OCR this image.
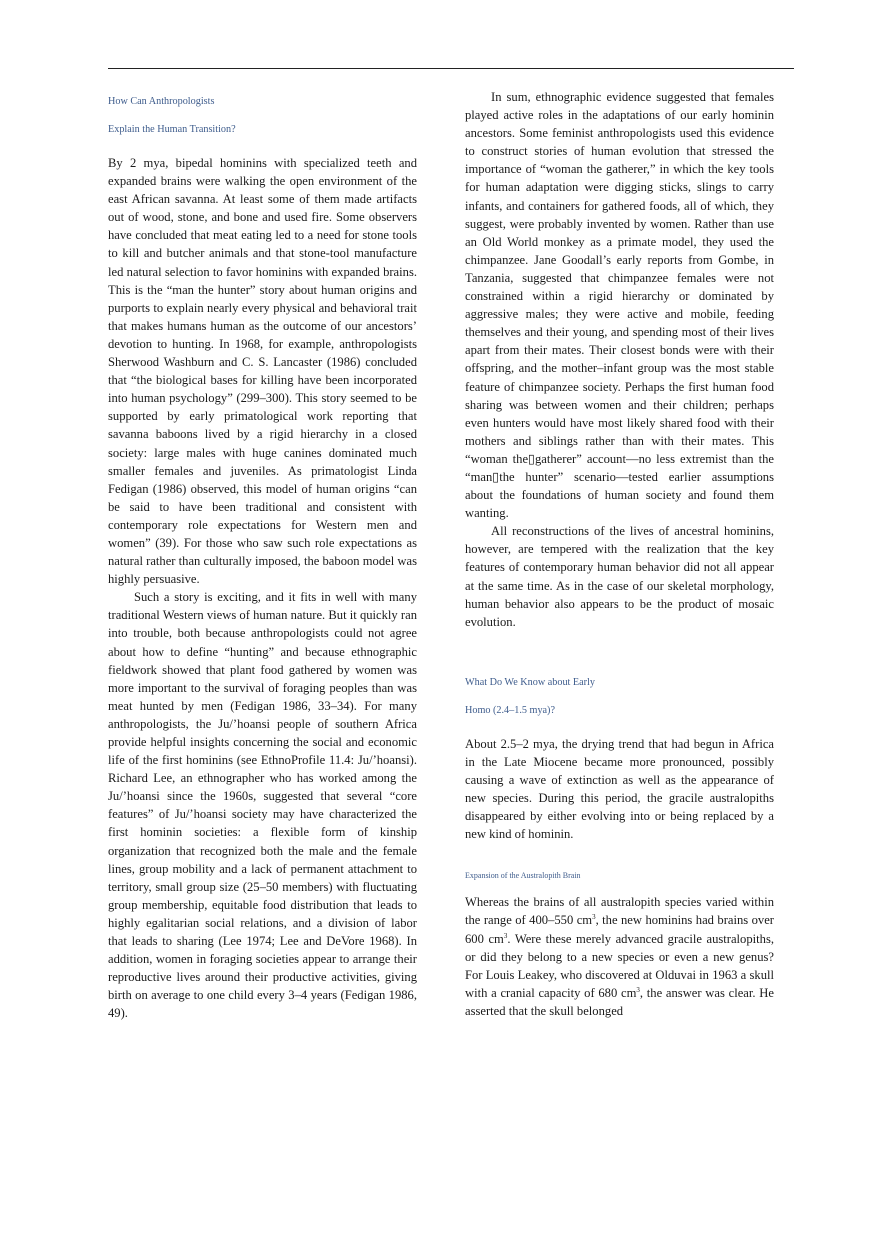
How Can Anthropologists
Explain the Human Transition?

By 2 mya, bipedal hominins with specialized teeth and expanded brains were walking the open environment of the east African savanna. At least some of them made artifacts out of wood, stone, and bone and used fire. Some observers have concluded that meat eating led to a need for stone tools to kill and butcher animals and that stone-tool manufacture led natural selection to favor hominins with expanded brains. This is the “man the hunter” story about human origins and purports to explain nearly every physical and behavioral trait that makes humans human as the outcome of our ancestors’ devotion to hunting. In 1968, for example, anthropologists Sherwood Washburn and C. S. Lancaster (1986) concluded that “the biological bases for killing have been incorporated into human psychology” (299–300). This story seemed to be supported by early primatological work reporting that savanna baboons lived by a rigid hierarchy in a closed society: large males with huge canines dominated much smaller females and juveniles. As primatologist Linda Fedigan (1986) observed, this model of human origins “can be said to have been traditional and consistent with contemporary role expectations for Western men and women” (39). For those who saw such role expectations as natural rather than culturally imposed, the baboon model was highly persuasive.

Such a story is exciting, and it fits in well with many traditional Western views of human nature. But it quickly ran into trouble, both because anthropologists could not agree about how to define “hunting” and because ethnographic fieldwork showed that plant food gathered by women was more important to the survival of foraging peoples than was meat hunted by men (Fedigan 1986, 33–34). For many anthropologists, the Ju/’hoansi people of southern Africa provide helpful insights concerning the social and economic life of the first hominins (see EthnoProfile 11.4: Ju/’hoansi). Richard Lee, an ethnographer who has worked among the Ju/’hoansi since the 1960s, suggested that several “core features” of Ju/’hoansi society may have characterized the first hominin societies: a flexible form of kinship organization that recognized both the male and the female lines, group mobility and a lack of permanent attachment to territory, small group size (25–50 members) with fluctuating group membership, equitable food distribution that leads to highly egalitarian social relations, and a division of labor that leads to sharing (Lee 1974; Lee and DeVore 1968). In addition, women in foraging societies appear to arrange their reproductive lives around their productive activities, giving birth on average to one child every 3–4 years (Fedigan 1986, 49).

In sum, ethnographic evidence suggested that females played active roles in the adaptations of our early hominin ancestors. Some feminist anthropologists used this evidence to construct stories of human evolution that stressed the importance of “woman the gatherer,” in which the key tools for human adaptation were digging sticks, slings to carry infants, and containers for gathered foods, all of which, they suggest, were probably invented by women. Rather than use an Old World monkey as a primate model, they used the chimpanzee. Jane Goodall’s early reports from Gombe, in Tanzania, suggested that chimpanzee females were not constrained within a rigid hierarchy or dominated by aggressive males; they were active and mobile, feeding themselves and their young, and spending most of their lives apart from their mates. Their closest bonds were with their offspring, and the mother–infant group was the most stable feature of chimpanzee society. Perhaps the first human food sharing was between women and their children; perhaps even hunters would have most likely shared food with their mothers and siblings rather than with their mates. This “woman the▯gatherer” account—no less extremist than the “man▯the hunter” scenario—tested earlier assumptions about the foundations of human society and found them wanting.

All reconstructions of the lives of ancestral hominins, however, are tempered with the realization that the key features of contemporary human behavior did not all appear at the same time. As in the case of our skeletal morphology, human behavior also appears to be the product of mosaic evolution.

What Do We Know about Early
Homo (2.4–1.5 mya)?

About 2.5–2 mya, the drying trend that had begun in Africa in the Late Miocene became more pronounced, possibly causing a wave of extinction as well as the appearance of new species. During this period, the gracile australopiths disappeared by either evolving into or being replaced by a new kind of hominin.

Expansion of the Australopith Brain

Whereas the brains of all australopith species varied within the range of 400–550 $cm^3$, the new hominins had brains over 600 $cm^3$. Were these merely advanced gracile australopiths, or did they belong to a new species or even a new genus? For Louis Leakey, who discovered at Olduvai in 1963 a skull with a cranial capacity of 680 $cm^3$, the answer was clear. He asserted that the skull belonged
